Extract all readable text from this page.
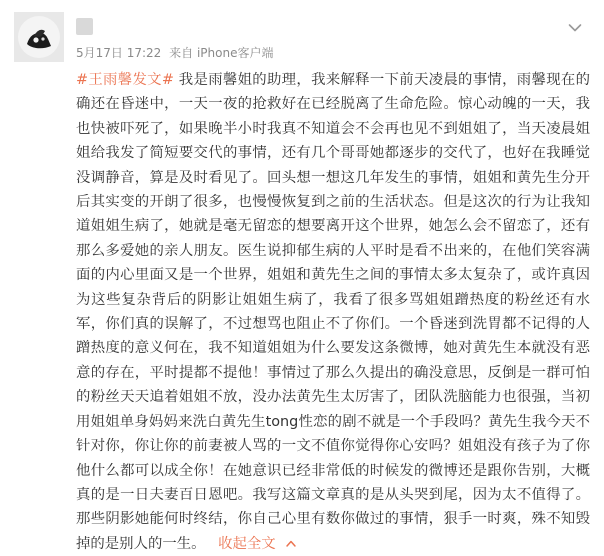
5月17日 17:22 来自 iPhone客户端
#王雨馨发文# 我是雨馨姐的助理，我来解释一下前天凌晨的事情，雨馨现在的确还在昏迷中，一天一夜的抢救好在已经脱离了生命危险。惊心动魄的一天，我也快被吓死了，如果晚半小时我真不知道会不会再也见不到姐姐了，当天凌晨姐姐给我发了简短要交代的事情，还有几个哥哥她都逐步的交代了，也好在我睡觉没调静音，算是及时看见了。回头想一想这几年发生的事情，姐姐和黄先生分开后其实变的开朗了很多，也慢慢恢复到之前的生活状态。但是这次的行为让我知道姐姐生病了，她就是毫无留恋的想要离开这个世界，她怎么会不留恋了，还有那么多爱她的亲人朋友。医生说抑郁生病的人平时是看不出来的，在他们笑容满面的内心里面又是一个世界，姐姐和黄先生之间的事情太多太复杂了，或许真因为这些复杂背后的阴影让姐姐生病了，我看了很多骂姐姐蹭热度的粉丝还有水军，你们真的误解了，不过想骂也阻止不了你们。一个昏迷到洗胃都不记得的人蹭热度的意义何在，我不知道姐姐为什么要发这条微博，她对黄先生本就没有恶意的存在，平时提都不提他！事情过了那么久提出的确没意思，反倒是一群可怕的粉丝天天追着姐姐不放，没办法黄先生太厉害了，团队洗脑能力也很强，当初用姐姐单身妈妈来洗白黄先生tong性恋的剧不就是一个手段吗？黄先生我今天不针对你，你让你的前妻被人骂的一文不值你觉得你心安吗？姐姐没有孩子为了你他什么都可以成全你！在她意识已经非常低的时候发的微博还是跟你告别，大概真的是一日夫妻百日恩吧。我写这篇文章真的是从头哭到尾，因为太不值得了。那些阴影她能何时终结，你自己心里有数你做过的事情，狠手一时爽，殊不知毁掉的是别人的一生。 收起全文
